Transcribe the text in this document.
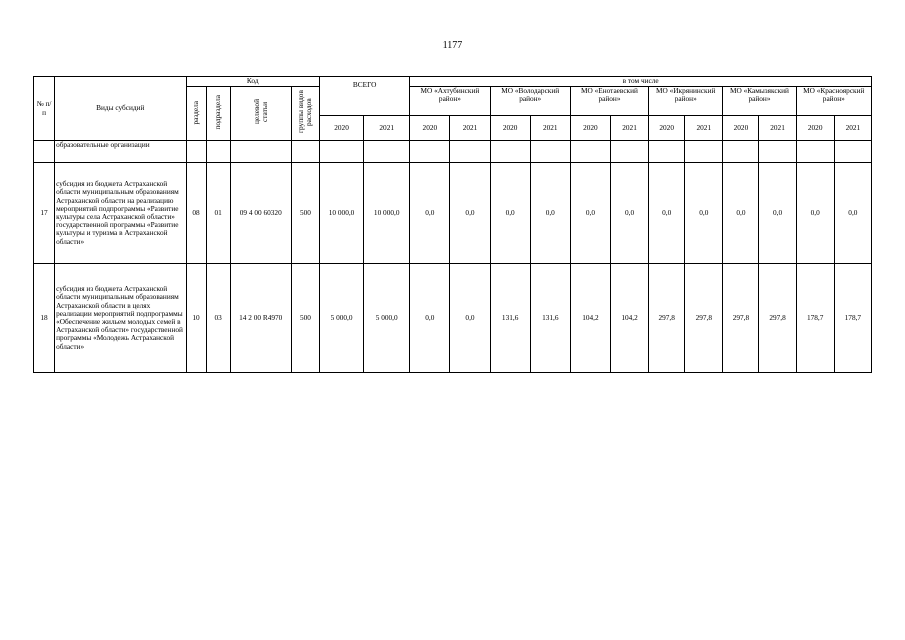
1177
№ п/п	Виды субсидий	Код				ВСЕГО		в том числе											
		раздела	подраздела	целевой статьи	группы видов расходов			МО «Ахтубинский район»		МО «Володарский район»		МО «Енотаевский район»		МО «Икрянинский район»		МО «Камызякский район»		МО «Красноярский район»	
						2020	2021	2020	2021	2020	2021	2020	2021	2020	2021	2020	2021	2020	2021
	образовательные организации																		
17	субсидия из бюджета Астраханской области муниципальным образованиям Астраханской области на реализацию мероприятий подпрограммы «Развитие культуры села Астраханской области» государственной программы «Развитие культуры и туризма в Астраханской области»	08	01	09 4 00 60320	500	10 000,0	10 000,0	0,0	0,0	0,0	0,0	0,0	0,0	0,0	0,0	0,0	0,0	0,0	0,0
18	субсидия из бюджета Астраханской области муниципальным образованиям Астраханской области в целях реализации мероприятий подпрограммы «Обеспечение жильем молодых семей в Астраханской области» государственной программы «Молодежь Астраханской области»	10	03	14 2 00 R4970	500	5 000,0	5 000,0	0,0	0,0	131,6	131,6	104,2	104,2	297,8	297,8	297,8	297,8	178,7	178,7
